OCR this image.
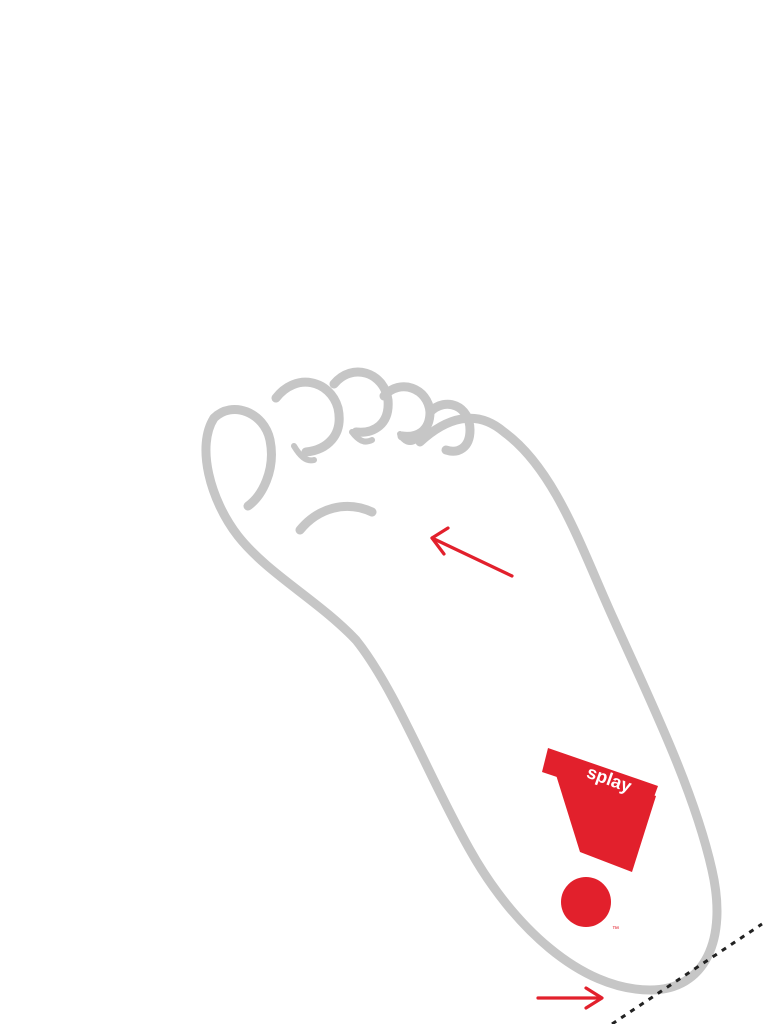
splay
™
